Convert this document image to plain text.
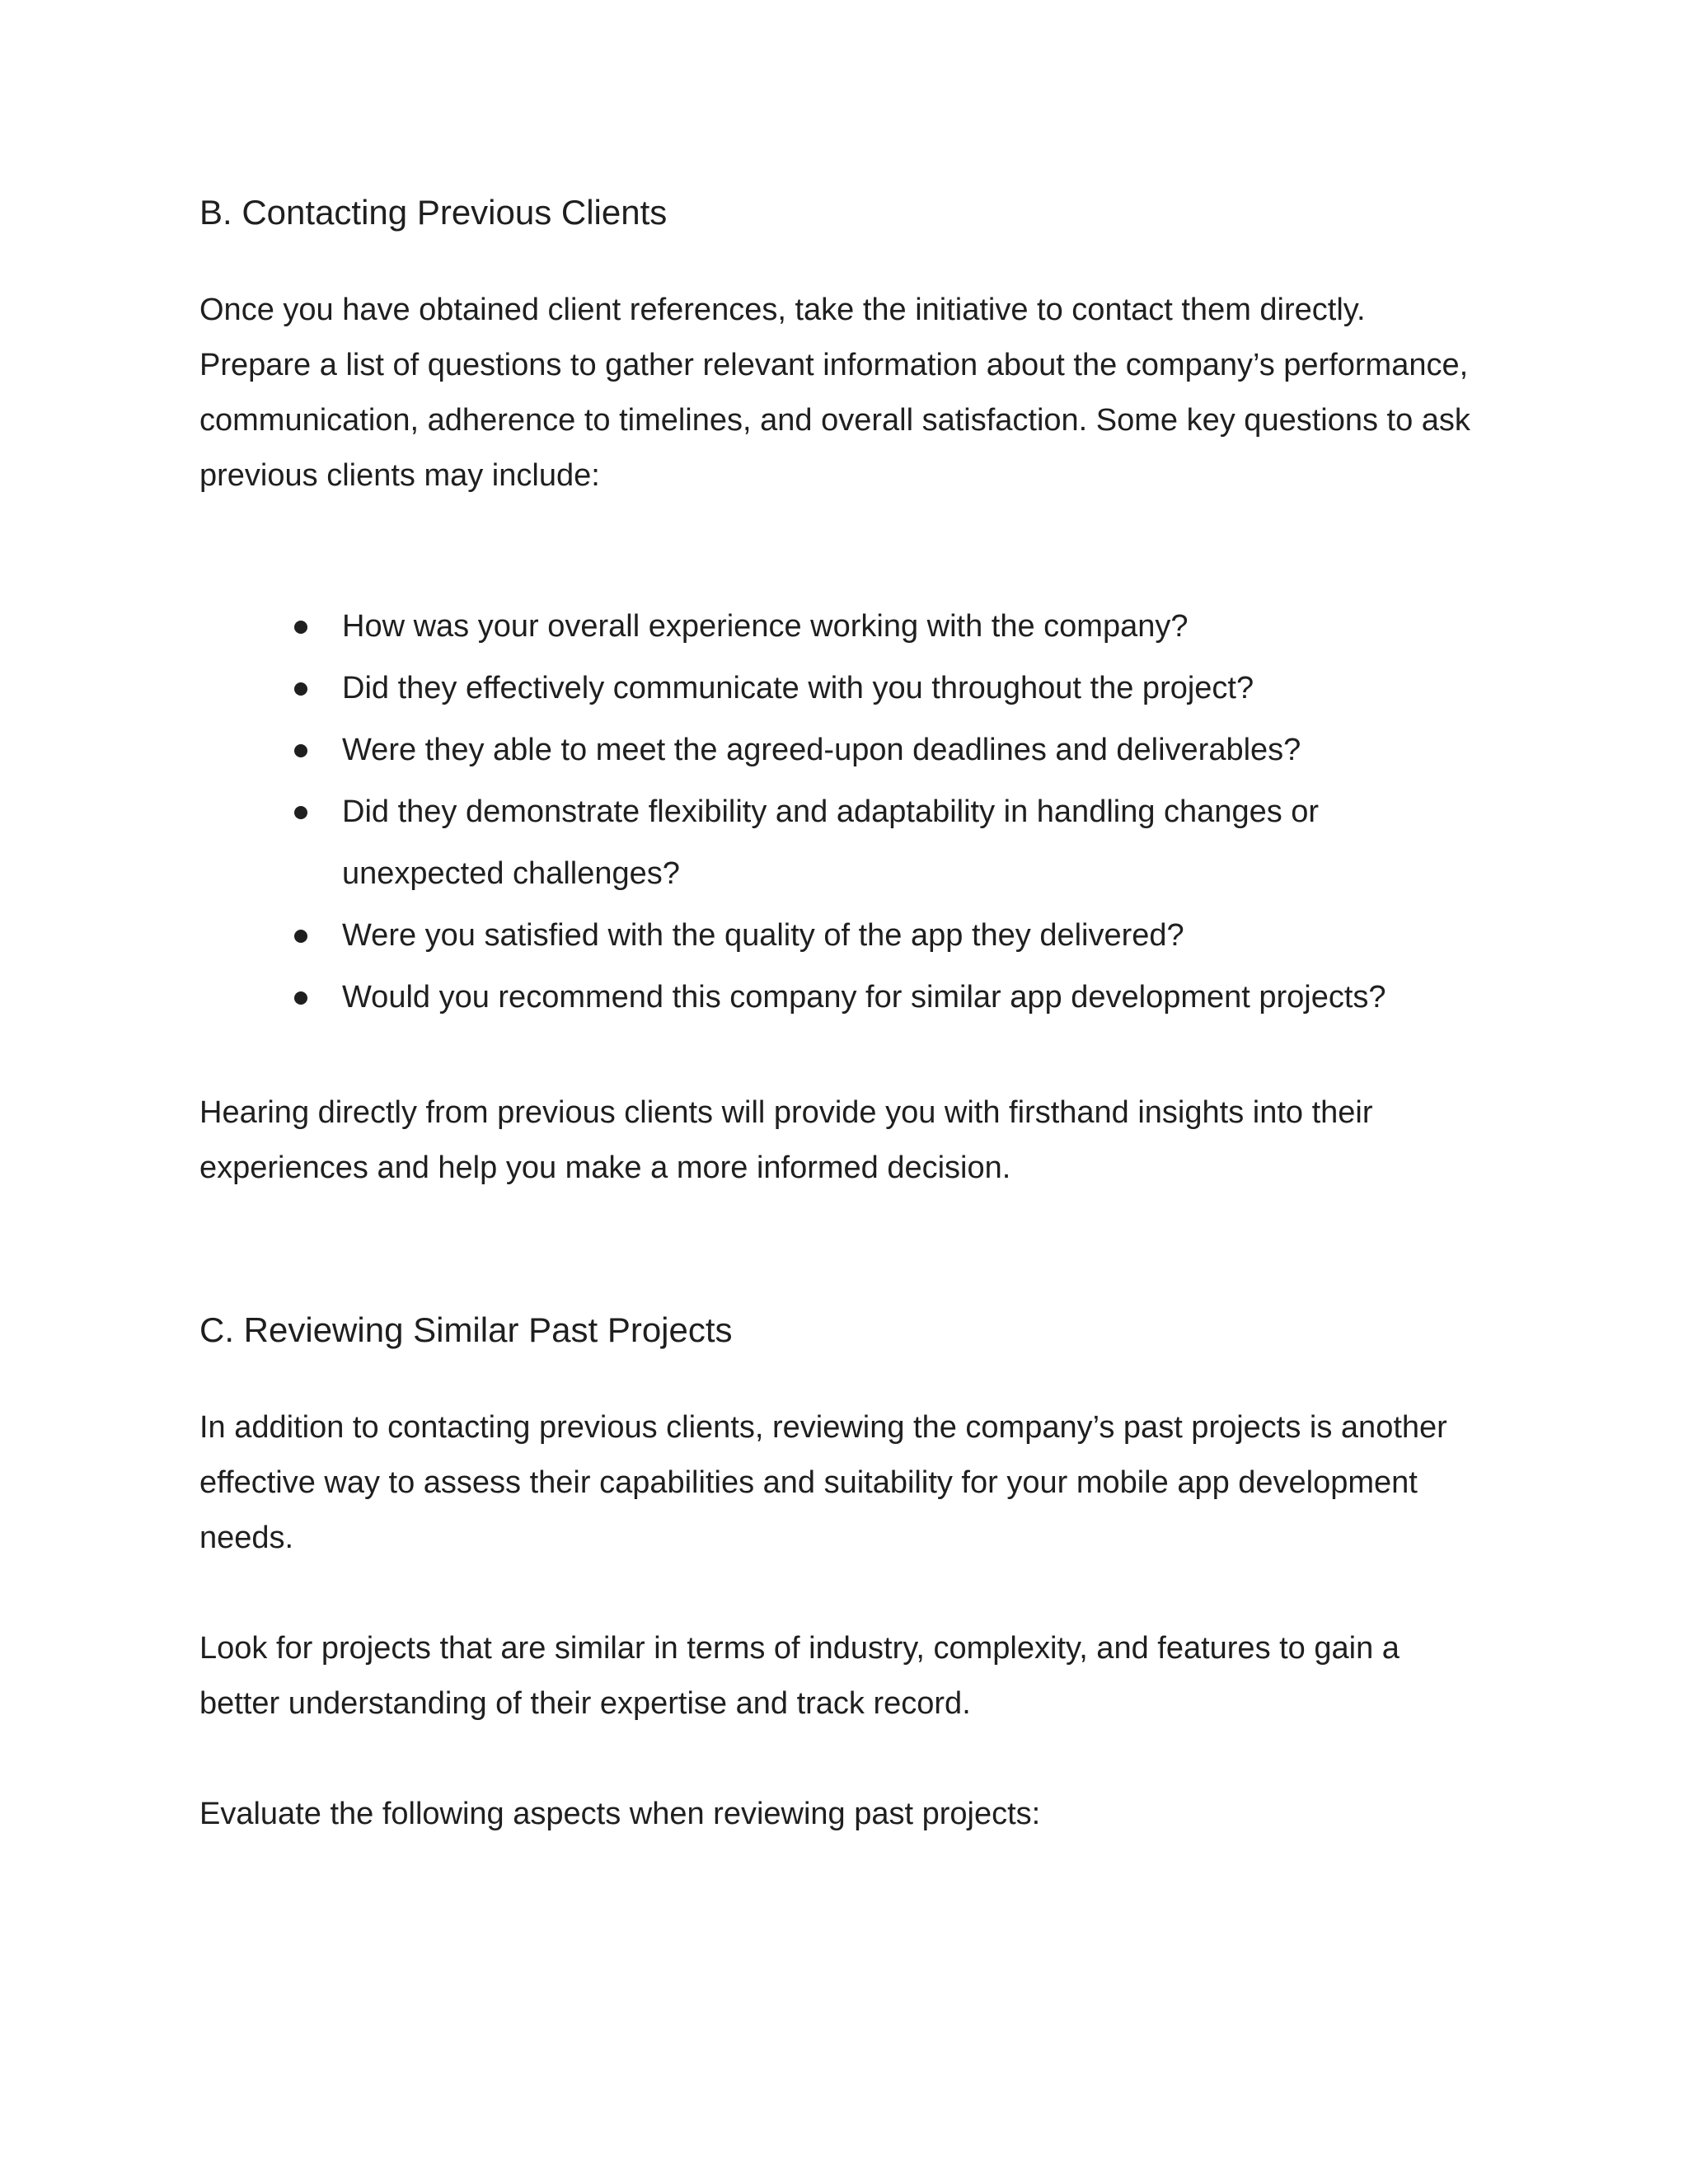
B. Contacting Previous Clients

Once you have obtained client references, take the initiative to contact them directly.
Prepare a list of questions to gather relevant information about the company’s performance,
communication, adherence to timelines, and overall satisfaction. Some key questions to ask
previous clients may include:

How was your overall experience working with the company?
Did they effectively communicate with you throughout the project?
Were they able to meet the agreed-upon deadlines and deliverables?
Did they demonstrate flexibility and adaptability in handling changes or
unexpected challenges?
Were you satisfied with the quality of the app they delivered?
Would you recommend this company for similar app development projects?

Hearing directly from previous clients will provide you with firsthand insights into their
experiences and help you make a more informed decision.

C. Reviewing Similar Past Projects

In addition to contacting previous clients, reviewing the company’s past projects is another
effective way to assess their capabilities and suitability for your mobile app development
needs.

Look for projects that are similar in terms of industry, complexity, and features to gain a
better understanding of their expertise and track record.

Evaluate the following aspects when reviewing past projects:
